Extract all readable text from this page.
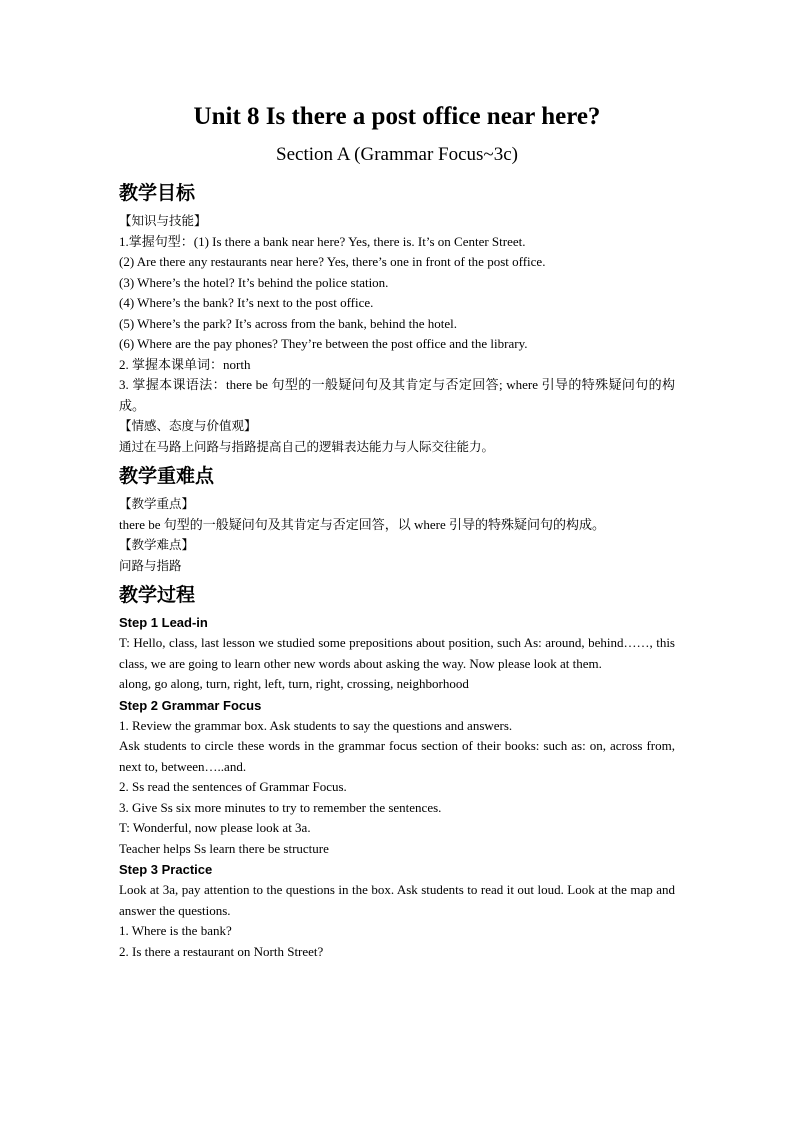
Unit 8 Is there a post office near here?
Section A (Grammar Focus~3c)
教学目标
【知识与技能】
1.掌握句型：(1) Is there a bank near here? Yes, there is. It’s on Center Street.
(2) Are there any restaurants near here? Yes, there’s one in front of the post office.
(3) Where’s the hotel? It’s behind the police station.
(4) Where’s the bank? It’s next to the post office.
(5) Where’s the park? It’s across from the bank, behind the hotel.
(6) Where are the pay phones? They’re between the post office and the library.
2. 掌握本课单词：north
3. 掌握本课语法：there be 句型的一般疑问句及其肯定与否定回答; where 引导的特殊疑问句的构成。
【情感、态度与价值观】
通过在马路上问路与指路提高自己的逻辑表达能力与人际交往能力。
教学重难点
【教学重点】
there be 句型的一般疑问句及其肯定与否定回答，以 where 引导的特殊疑问句的构成。
【教学难点】
问路与指路
教学过程
Step 1 Lead-in
T: Hello, class, last lesson we studied some prepositions about position, such As: around, behind……, this class, we are going to learn other new words about asking the way. Now please look at them.
along, go along, turn, right, left, turn, right, crossing, neighborhood
Step 2 Grammar Focus
1. Review the grammar box. Ask students to say the questions and answers.
Ask students to circle these words in the grammar focus section of their books: such as: on, across from, next to, between…..and.
2. Ss read the sentences of Grammar Focus.
3. Give Ss six more minutes to try to remember the sentences.
T: Wonderful, now please look at 3a.
Teacher helps Ss learn there be structure
Step 3 Practice
Look at 3a, pay attention to the questions in the box. Ask students to read it out loud. Look at the map and answer the questions.
1. Where is the bank?
2. Is there a restaurant on North Street?
